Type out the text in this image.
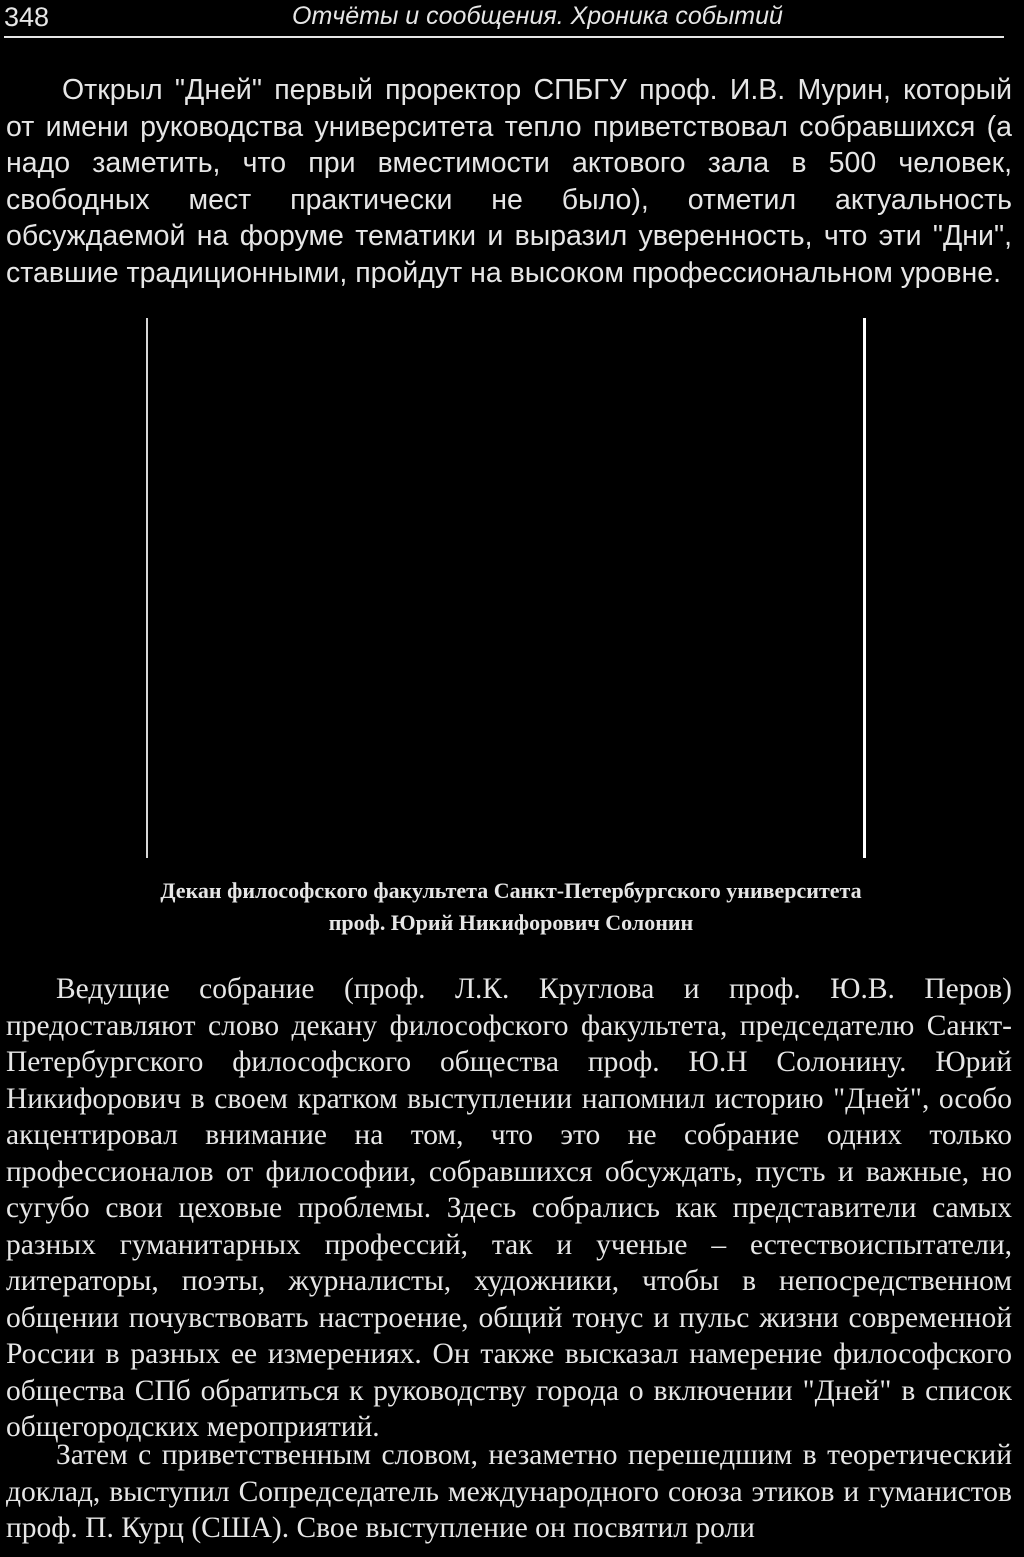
348	Отчёты и сообщения. Хроника событий

Открыл "Дней" первый проректор СПБГУ проф. И.В. Мурин, который от имени руководства университета тепло приветствовал собравшихся (а надо заметить, что при вместимости актового зала в 500 человек, свободных мест практически не было), отметил актуальность обсуждаемой на форуме тематики и выразил уверенность, что эти "Дни", ставшие традиционными, пройдут на высоком профессиональном уровне.

Декан философского факультета Санкт-Петербургского университета
проф. Юрий Никифорович Солонин

Ведущие собрание (проф. Л.К. Круглова и проф. Ю.В. Перов) предоставляют слово декану философского факультета, председателю Санкт-Петербургского философского общества проф. Ю.Н Солонину. Юрий Никифорович в своем кратком выступлении напомнил историю "Дней", особо акцентировал внимание на том, что это не собрание одних только профессионалов от философии, собравшихся обсуждать, пусть и важные, но сугубо свои цеховые проблемы. Здесь собрались как представители самых разных гуманитарных профессий, так и ученые – естествоиспытатели, литераторы, поэты, журналисты, художники, чтобы в непосредственном общении почувствовать настроение, общий тонус и пульс жизни современной России в разных ее измерениях. Он также высказал намерение философского общества СПб обратиться к руководству города о включении "Дней" в список общегородских мероприятий.

Затем с приветственным словом, незаметно перешедшим в теоретический доклад, выступил Сопредседатель международного союза этиков и гуманистов проф. П. Курц (США). Свое выступление он посвятил роли
